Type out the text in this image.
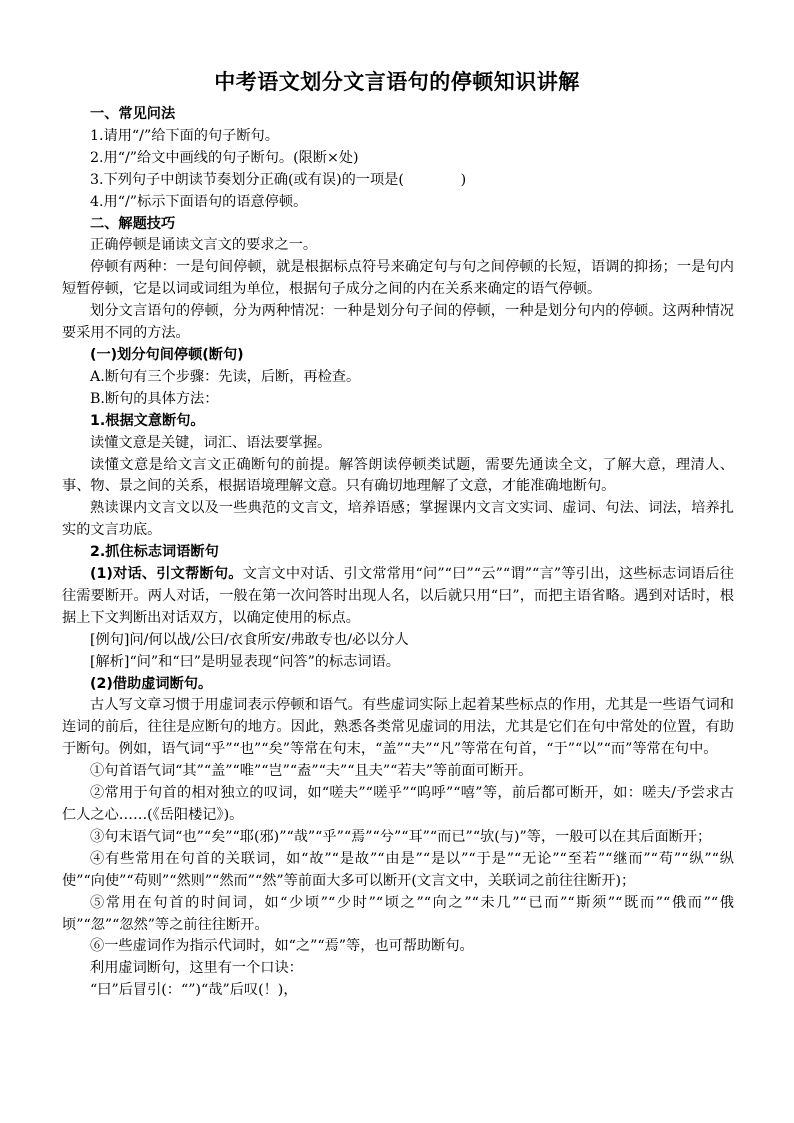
中考语文划分文言语句的停顿知识讲解

一、常见问法

1.请用“/”给下面的句子断句。

2.用“/”给文中画线的句子断句。(限断×处)

3.下列句子中朗读节奏划分正确(或有误)的一项是(　　　　)

4.用“/”标示下面语句的语意停顿。

二、解题技巧

正确停顿是诵读文言文的要求之一。

停顿有两种：一是句间停顿，就是根据标点符号来确定句与句之间停顿的长短，语调的抑扬；一是句内短暂停顿，它是以词或词组为单位，根据句子成分之间的内在关系来确定的语气停顿。

划分文言语句的停顿，分为两种情况：一种是划分句子间的停顿，一种是划分句内的停顿。这两种情况要采用不同的方法。

(一)划分句间停顿(断句)

A.断句有三个步骤：先读，后断，再检查。

B.断句的具体方法：

1.根据文意断句。

读懂文意是关键，词汇、语法要掌握。

读懂文意是给文言文正确断句的前提。解答朗读停顿类试题，需要先通读全文，了解大意，理清人、事、物、景之间的关系，根据语境理解文意。只有确切地理解了文意，才能准确地断句。

熟读课内文言文以及一些典范的文言文，培养语感；掌握课内文言文实词、虚词、句法、词法，培养扎实的文言功底。

2.抓住标志词语断句

(1)对话、引文帮断句。文言文中对话、引文常常用“问”“曰”“云”“谓”“言”等引出，这些标志词语后往往需要断开。两人对话，一般在第一次问答时出现人名，以后就只用“曰”，而把主语省略。遇到对话时，根据上下文判断出对话双方，以确定使用的标点。

[例句]问/何以战/公曰/衣食所安/弗敢专也/必以分人

[解析]“问”和“曰”是明显表现“问答”的标志词语。

(2)借助虚词断句。

古人写文章习惯于用虚词表示停顿和语气。有些虚词实际上起着某些标点的作用，尤其是一些语气词和连词的前后，往往是应断句的地方。因此，熟悉各类常见虚词的用法，尤其是它们在句中常处的位置，有助于断句。例如，语气词“乎”“也”“矣”等常在句末，“盖”“夫”“凡”等常在句首，“于”“以”“而”等常在句中。

①句首语气词“其”“盖”“唯”“岂”“盍”“夫”“且夫”“若夫”等前面可断开。

②常用于句首的相对独立的叹词，如“嗟夫”“嗟乎”“呜呼”“嘻”等，前后都可断开，如：嗟夫/予尝求古仁人之心……(《岳阳楼记》)。

③句末语气词“也”“矣”“耶(邪)”“哉”“乎”“焉”“兮”“耳”“而已”“欤(与)”等，一般可以在其后面断开；

④有些常用在句首的关联词，如“故”“是故”“由是”“是以”“于是”“无论”“至若”“继而”“苟”“纵”“纵使”“向使”“苟则”“然则”“然而”“然”等前面大多可以断开(文言文中，关联词之前往往断开)；

⑤常用在句首的时间词，如“少顷”“少时”“顷之”“向之”“未几”“已而”“斯须”“既而”“俄而”“俄顷”“忽”“忽然”等之前往往断开。

⑥一些虚词作为指示代词时，如“之”“焉”等，也可帮助断句。

利用虚词断句，这里有一个口诀：

“曰”后冒引(：“”)“哉”后叹(！)，
